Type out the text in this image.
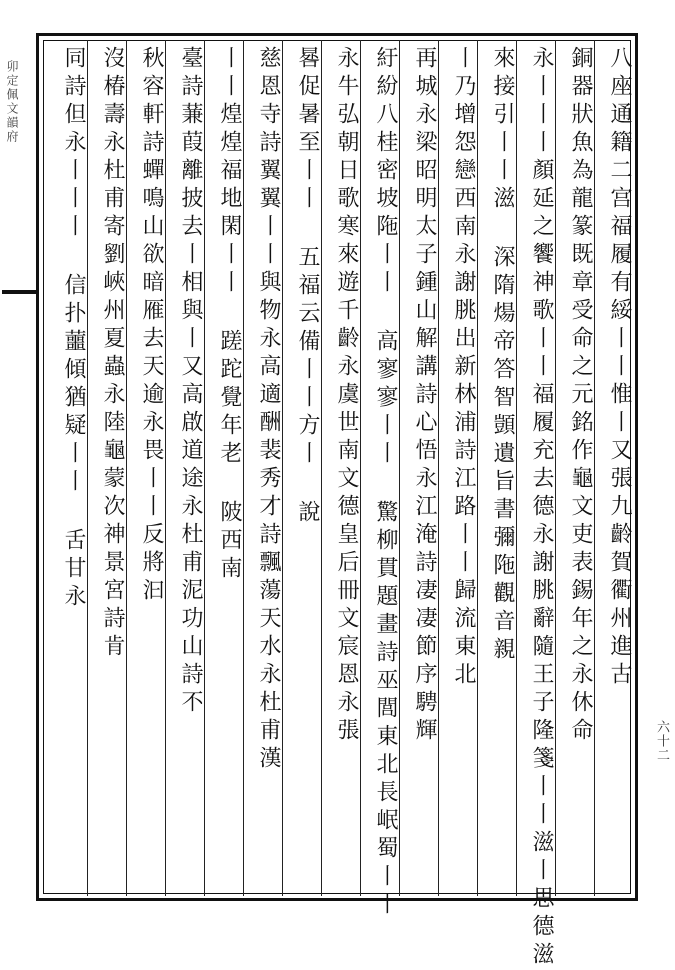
卯定佩文韻府
六十二
八座通籍二宫福履有綏丨丨惟丨又張九齡賀衢州進古
銅器狀魚為龍篆既章受命之元銘作龜文吏表錫年之永休命
永丨丨丨顏延之饗神歌丨丨福履充去德永謝朓辭隨王子隆箋丨丨滋丨思德滋
來接引丨丨滋 深隋煬帝答智顗遺旨書彌陁觀音親
丨乃增怨戀西南永謝朓出新林浦詩江路丨丨歸流東北
再城永梁昭明太子鍾山解講詩心悟永江淹詩凄凄節序騁輝
紆紛八桂密坡陁丨丨 高寥寥丨丨 驚柳貫題畫詩巫閭東北長岷蜀丨丨
永牛弘朝日歌寒來遊千齡永虞世南文德皇后冊文宸恩永張
晷促暑至丨丨 五福云備丨丨方丨 說
慈恩寺詩翼翼丨丨與物永高適酬裴秀才詩飄蕩天水永杜甫漢
丨丨煌煌福地閑丨丨 蹉跎覺年老 陂西南
臺詩蒹葭離披去丨相與丨又高啟道途永杜甫泥功山詩不
秋容軒詩蟬鳴山欲暗雁去天逾永畏丨丨反將汩
沒椿壽永杜甫寄劉峽州夏蟲永陸龜蒙次神景宮詩肯
同詩但永丨丨丨 信扑蘁傾猶疑丨丨 舌甘永
